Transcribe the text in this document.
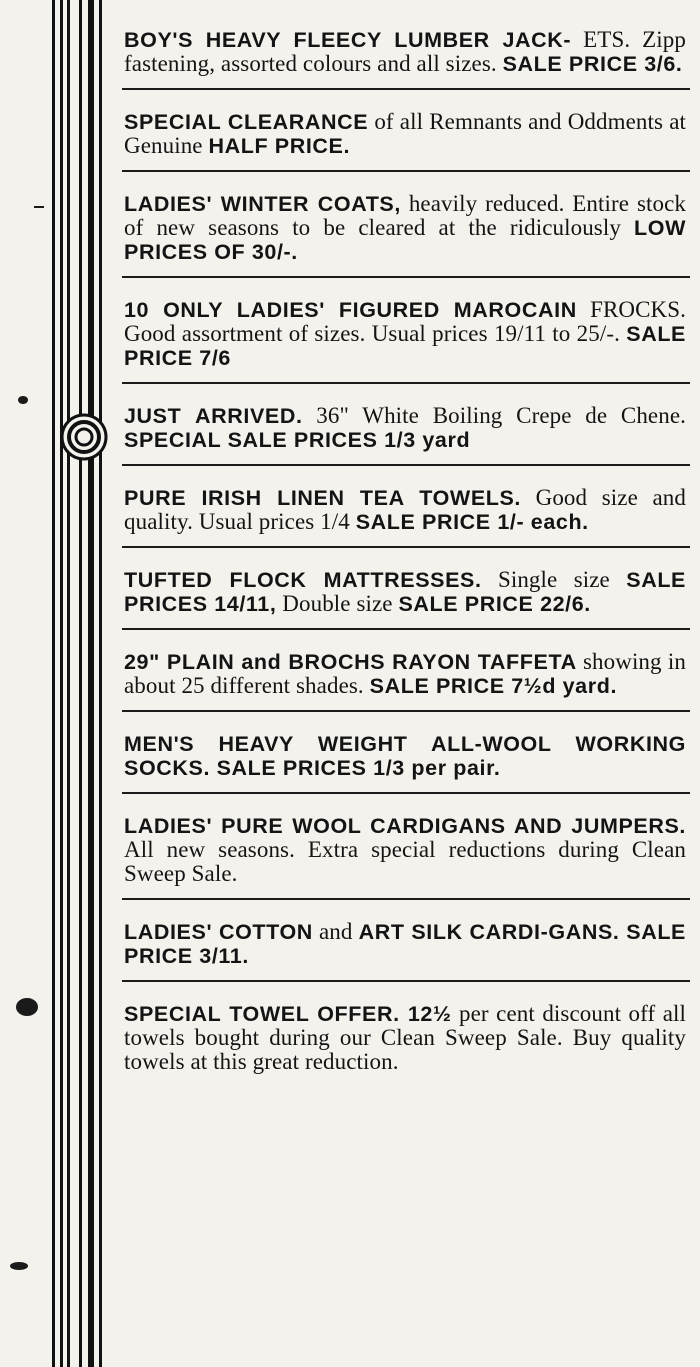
BOY'S HEAVY FLEECY LUMBER JACK- ETS. Zipp fastening, assorted colours and all sizes. SALE PRICE 3/6.

SPECIAL CLEARANCE of all Remnants and Oddments at Genuine HALF PRICE.

LADIES' WINTER COATS, heavily reduced. Entire stock of new seasons to be cleared at the ridiculously LOW PRICES OF 30/-.

10 ONLY LADIES' FIGURED MAROCAIN FROCKS. Good assortment of sizes. Usual prices 19/11 to 25/-. SALE PRICE 7/6

JUST ARRIVED. 36" White Boiling Crepe de Chene. SPECIAL SALE PRICES 1/3 yard

PURE IRISH LINEN TEA TOWELS. Good size and quality. Usual prices 1/4 SALE PRICE 1/- each.

TUFTED FLOCK MATTRESSES. Single size SALE PRICES 14/11, Double size SALE PRICE 22/6.

29" PLAIN and BROCHS RAYON TAFFETA showing in about 25 different shades. SALE PRICE 7½d yard.

MEN'S HEAVY WEIGHT ALL-WOOL WORKING SOCKS. SALE PRICES 1/3 per pair.

LADIES' PURE WOOL CARDIGANS AND JUMPERS. All new seasons. Extra special reductions during Clean Sweep Sale.

LADIES' COTTON and ART SILK CARDI-GANS. SALE PRICE 3/11.

SPECIAL TOWEL OFFER. 12½ per cent discount off all towels bought during our Clean Sweep Sale. Buy quality towels at this great reduction.
